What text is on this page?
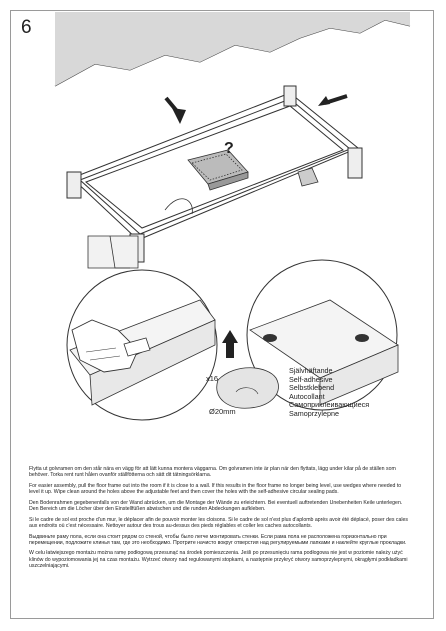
6
?
x16
Ø20mm
Självhäftande
Self-adhesive
Selbstklebend
Autocollant
Самоприклеивающиеся
Samoprzylepne

Flytta ut golvramen om den står nära en vägg för att lätt kunna montera väggarna. Om golvramen inte är plan när den flyttats, lägg under kilar på de ställen som behöver. Torka rent runt hålen ovanför ställfötterna och sätt dit tätningsörklarna.

For easier assembly, pull the floor frame out into the room if it is close to a wall. If this results in the floor frame no longer being level, use wedges where needed to level it up. Wipe clean around the holes above the adjustable feet and then cover the holes with the self-adhesive circular sealing pads.

Den Bodenrahmen gegebenenfalls von der Wand abrücken, um die Montage der Wände zu erleichtern. Bei eventuell auftretenden Unebenheiten Keile unterlegen. Den Bereich um die Löcher über den Einstellfüßen abwischen und die runden Abdeckungen aufkleben.

Si le cadre de sol est proche d'un mur, le déplacer afin de pouvoir monter les cloisons. Si le cadre de sol n'est plus d'aplomb après avoir été déplacé, poser des cales aux endroits où c'est nécessaire. Nettoyer autour des trous au-dessus des pieds réglables et coller les caches autocollants.

Выдвиньте раму пола, если она стоит рядом со стеной, чтобы было легче монтировать стенки. Если рама пола не расположена горизонтально при перемещении, подложите клинья там, где это необходимо. Протрите начисто вокруг отверстия над регулируемыми лапками и наклейте круглые прокладки.

W celu łatwiejszego montażu można ramę podłogową przesunąć na środek pomieszczenia. Jeśli po przesunięciu rama podłogowa nie jest w poziomie należy użyć klinów do wypoziomowania jej na czas montażu. Wytrzeć otwory nad regulowanymi stopkami, a następnie przykryć otwory samoprzylepnymi, okrągłymi podkładkami uszczelniającymi.
